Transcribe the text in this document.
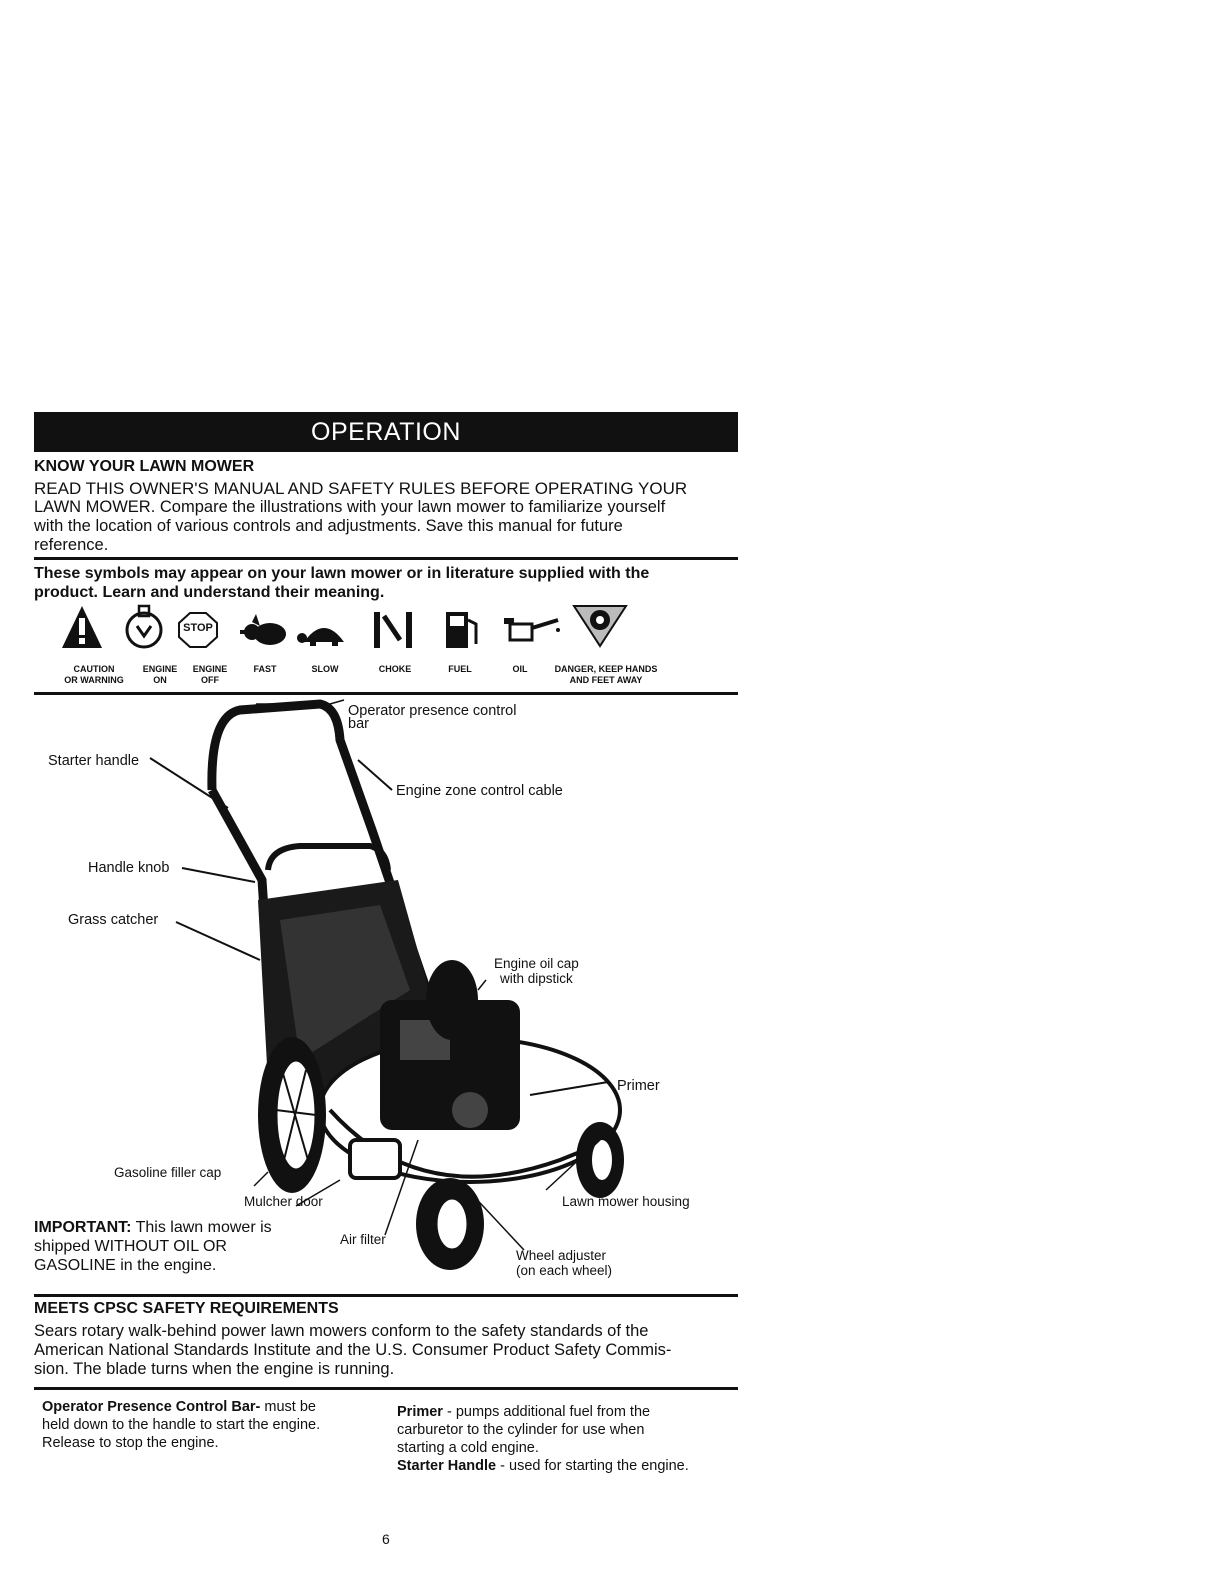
OPERATION
KNOW YOUR LAWN MOWER
READ THIS OWNER'S MANUAL AND SAFETY RULES BEFORE OPERATING YOUR
LAWN MOWER. Compare the illustrations with your lawn mower to familiarize yourself
with the location of various controls and adjustments. Save this manual for future
reference.
These symbols may appear on your lawn mower or in literature supplied with the
product. Learn and understand their meaning.
STOP
CAUTION
OR WARNING
ENGINE
ON
ENGINE
OFF
FAST	SLOW	CHOKE	FUEL	OIL	DANGER, KEEP HANDS
AND FEET AWAY
Operator presence control
bar
Starter handle
Engine zone control cable
Handle knob
Grass catcher
Engine oil cap
with dipstick
Primer
Gasoline filler cap
Mulcher door	Lawn mower housing
Air filter
Wheel adjuster
(on each wheel)
IMPORTANT: This lawn mower is
shipped WITHOUT OIL OR
GASOLINE in the engine.
MEETS CPSC SAFETY REQUIREMENTS
Sears rotary walk-behind power lawn mowers conform to the safety standards of the
American National Standards Institute and the U.S. Consumer Product Safety Commis-
sion. The blade turns when the engine is running.
Operator Presence Control Bar- must be
held down to the handle to start the engine.
Release to stop the engine.
Primer - pumps additional fuel from the
carburetor to the cylinder for use when
starting a cold engine.
Starter Handle - used for starting the engine.
6
